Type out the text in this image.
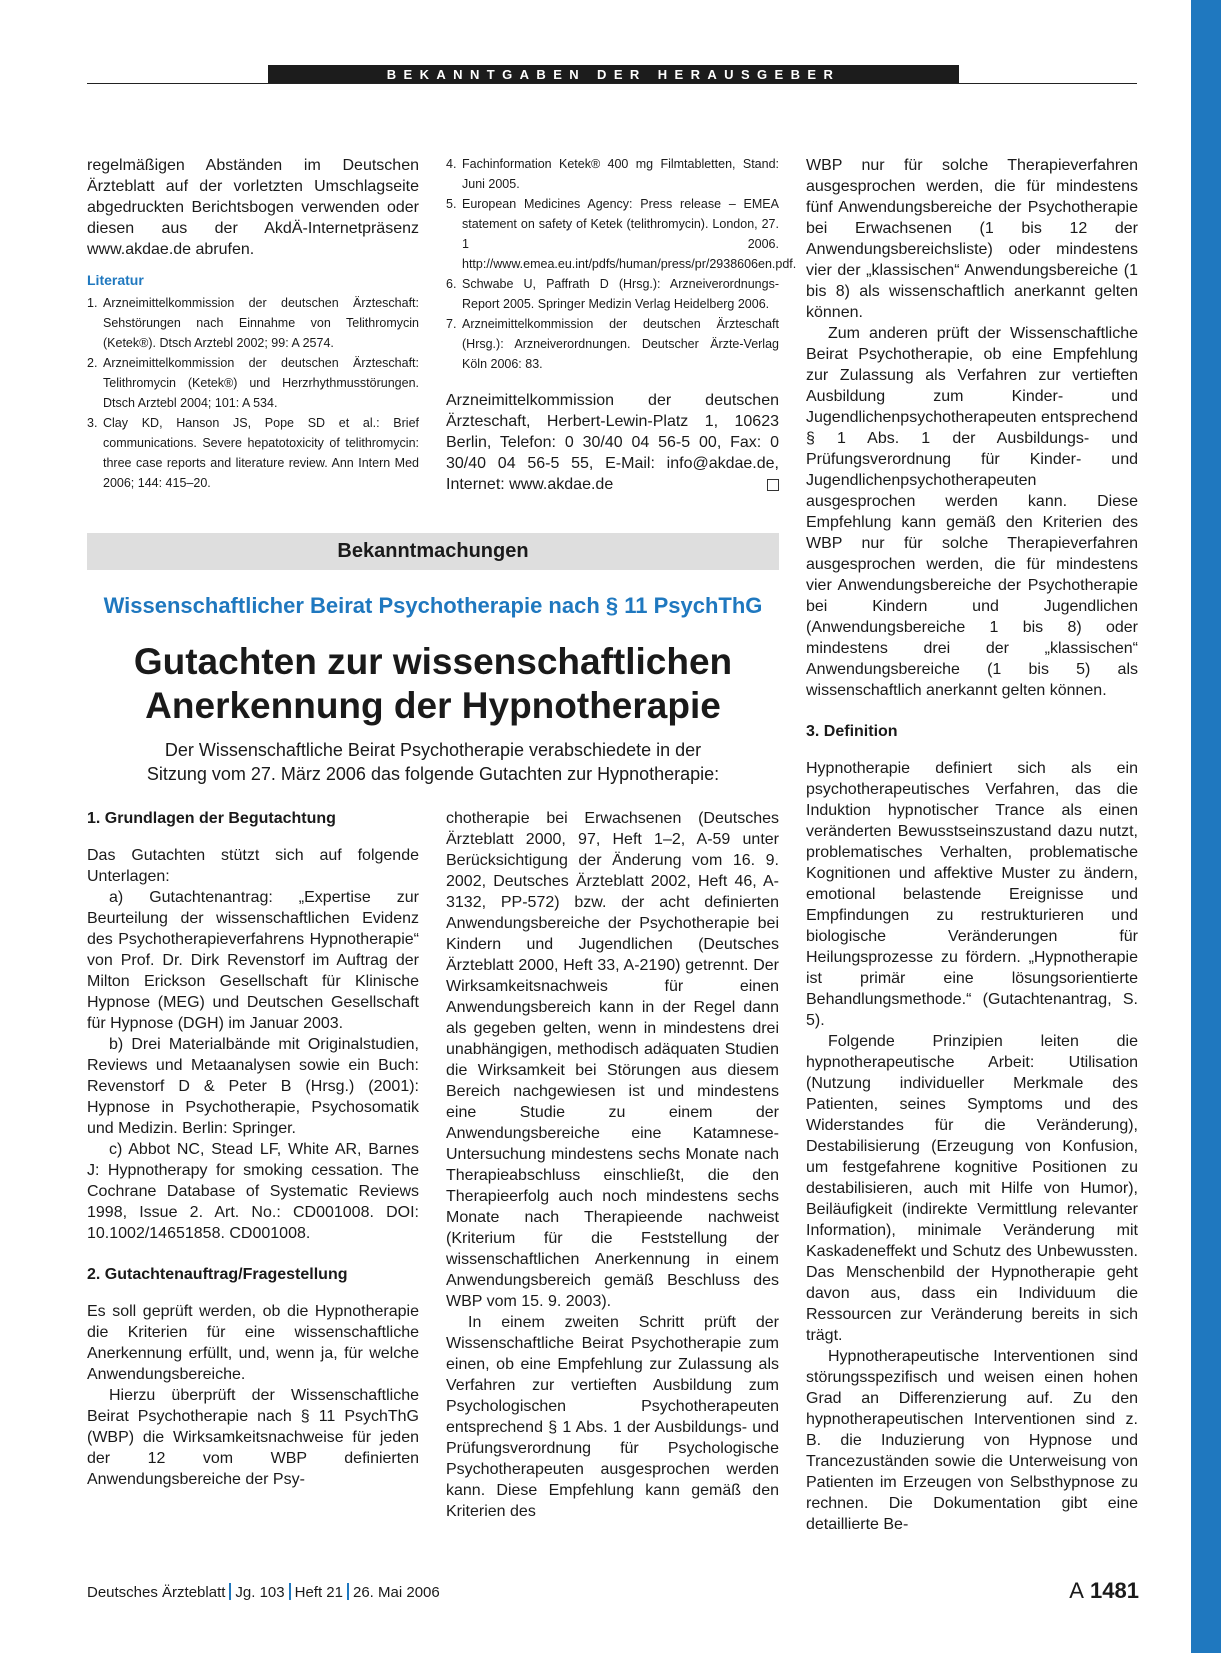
BEKANNTGABEN DER HERAUSGEBER

regelmäßigen Abständen im Deutschen Ärzteblatt auf der vorletzten Umschlagseite abgedruckten Berichtsbogen verwenden oder diesen aus der AkdÄ-Internetpräsenz www.akdae.de abrufen.

Literatur
1. Arzneimittelkommission der deutschen Ärzteschaft: Sehstörungen nach Einnahme von Telithromycin (Ketek®). Dtsch Arztebl 2002; 99: A 2574.
2. Arzneimittelkommission der deutschen Ärzteschaft: Telithromycin (Ketek®) und Herzrhythmusstörungen. Dtsch Arztebl 2004; 101: A 534.
3. Clay KD, Hanson JS, Pope SD et al.: Brief communications. Severe hepatotoxicity of telithromycin: three case reports and literature review. Ann Intern Med 2006; 144: 415–20.
4. Fachinformation Ketek® 400 mg Filmtabletten, Stand: Juni 2005.
5. European Medicines Agency: Press release – EMEA statement on safety of Ketek (telithromycin). London, 27. 1 2006. http://www.emea.eu.int/pdfs/human/press/pr/2938606en.pdf.
6. Schwabe U, Paffrath D (Hrsg.): Arzneiverordnungs-Report 2005. Springer Medizin Verlag Heidelberg 2006.
7. Arzneimittelkommission der deutschen Ärzteschaft (Hrsg.): Arzneiverordnungen. Deutscher Ärzte-Verlag Köln 2006: 83.

Arzneimittelkommission der deutschen Ärzteschaft, Herbert-Lewin-Platz 1, 10623 Berlin, Telefon: 0 30/40 04 56-5 00, Fax: 0 30/40 04 56-5 55, E-Mail: info@akdae.de, Internet: www.akdae.de

Bekanntmachungen
Wissenschaftlicher Beirat Psychotherapie nach § 11 PsychThG
Gutachten zur wissenschaftlichen
Anerkennung der Hypnotherapie
Der Wissenschaftliche Beirat Psychotherapie verabschiedete in der Sitzung vom 27. März 2006 das folgende Gutachten zur Hypnotherapie:
1. Grundlagen der Begutachtung

Das Gutachten stützt sich auf folgende Unterlagen:

a) Gutachtenantrag: „Expertise zur Beurteilung der wissenschaftlichen Evidenz des Psychotherapieverfahrens Hypnotherapie“ von Prof. Dr. Dirk Revenstorf im Auftrag der Milton Erickson Gesellschaft für Klinische Hypnose (MEG) und Deutschen Gesellschaft für Hypnose (DGH) im Januar 2003.

b) Drei Materialbände mit Originalstudien, Reviews und Metaanalysen sowie ein Buch: Revenstorf D & Peter B (Hrsg.) (2001): Hypnose in Psychotherapie, Psychosomatik und Medizin. Berlin: Springer.

c) Abbot NC, Stead LF, White AR, Barnes J: Hypnotherapy for smoking cessation. The Cochrane Database of Systematic Reviews 1998, Issue 2. Art. No.: CD001008. DOI: 10.1002/14651858. CD001008.

2. Gutachtenauftrag/Fragestellung

Es soll geprüft werden, ob die Hypnotherapie die Kriterien für eine wissenschaftliche Anerkennung erfüllt, und, wenn ja, für welche Anwendungsbereiche.

Hierzu überprüft der Wissenschaftliche Beirat Psychotherapie nach § 11 PsychThG (WBP) die Wirksamkeitsnachweise für jeden der 12 vom WBP definierten Anwendungsbereiche der Psy-

chotherapie bei Erwachsenen (Deutsches Ärzteblatt 2000, 97, Heft 1–2, A-59 unter Berücksichtigung der Änderung vom 16. 9. 2002, Deutsches Ärzteblatt 2002, Heft 46, A-3132, PP-572) bzw. der acht definierten Anwendungsbereiche der Psychotherapie bei Kindern und Jugendlichen (Deutsches Ärzteblatt 2000, Heft 33, A-2190) getrennt. Der Wirksamkeitsnachweis für einen Anwendungsbereich kann in der Regel dann als gegeben gelten, wenn in mindestens drei unabhängigen, methodisch adäquaten Studien die Wirksamkeit bei Störungen aus diesem Bereich nachgewiesen ist und mindestens eine Studie zu einem der Anwendungsbereiche eine Katamnese-Untersuchung mindestens sechs Monate nach Therapieabschluss einschließt, die den Therapieerfolg auch noch mindestens sechs Monate nach Therapieende nachweist (Kriterium für die Feststellung der wissenschaftlichen Anerkennung in einem Anwendungsbereich gemäß Beschluss des WBP vom 15. 9. 2003).

In einem zweiten Schritt prüft der Wissenschaftliche Beirat Psychotherapie zum einen, ob eine Empfehlung zur Zulassung als Verfahren zur vertieften Ausbildung zum Psychologischen Psychotherapeuten entsprechend § 1 Abs. 1 der Ausbildungs- und Prüfungsverordnung für Psychologische Psychotherapeuten ausgesprochen werden kann. Diese Empfehlung kann gemäß den Kriterien des

WBP nur für solche Therapieverfahren ausgesprochen werden, die für mindestens fünf Anwendungsbereiche der Psychotherapie bei Erwachsenen (1 bis 12 der Anwendungsbereichsliste) oder mindestens vier der „klassischen“ Anwendungsbereiche (1 bis 8) als wissenschaftlich anerkannt gelten können.

Zum anderen prüft der Wissenschaftliche Beirat Psychotherapie, ob eine Empfehlung zur Zulassung als Verfahren zur vertieften Ausbildung zum Kinder- und Jugendlichenpsychotherapeuten entsprechend § 1 Abs. 1 der Ausbildungs- und Prüfungsverordnung für Kinder- und Jugendlichenpsychotherapeuten ausgesprochen werden kann. Diese Empfehlung kann gemäß den Kriterien des WBP nur für solche Therapieverfahren ausgesprochen werden, die für mindestens vier Anwendungsbereiche der Psychotherapie bei Kindern und Jugendlichen (Anwendungsbereiche 1 bis 8) oder mindestens drei der „klassischen“ Anwendungsbereiche (1 bis 5) als wissenschaftlich anerkannt gelten können.

3. Definition

Hypnotherapie definiert sich als ein psychotherapeutisches Verfahren, das die Induktion hypnotischer Trance als einen veränderten Bewusstseinszustand dazu nutzt, problematisches Verhalten, problematische Kognitionen und affektive Muster zu ändern, emotional belastende Ereignisse und Empfindungen zu restrukturieren und biologische Veränderungen für Heilungsprozesse zu fördern. „Hypnotherapie ist primär eine lösungsorientierte Behandlungsmethode.“ (Gutachtenantrag, S. 5).

Folgende Prinzipien leiten die hypnotherapeutische Arbeit: Utilisation (Nutzung individueller Merkmale des Patienten, seines Symptoms und des Widerstandes für die Veränderung), Destabilisierung (Erzeugung von Konfusion, um festgefahrene kognitive Positionen zu destabilisieren, auch mit Hilfe von Humor), Beiläufigkeit (indirekte Vermittlung relevanter Information), minimale Veränderung mit Kaskadeneffekt und Schutz des Unbewussten. Das Menschenbild der Hypnotherapie geht davon aus, dass ein Individuum die Ressourcen zur Veränderung bereits in sich trägt.

Hypnotherapeutische Interventionen sind störungsspezifisch und weisen einen hohen Grad an Differenzierung auf. Zu den hypnotherapeutischen Interventionen sind z. B. die Induzierung von Hypnose und Trancezuständen sowie die Unterweisung von Patienten im Erzeugen von Selbsthypnose zu rechnen. Die Dokumentation gibt eine detaillierte Be-

Deutsches Ärzteblatt Jg. 103 Heft 21 26. Mai 2006	A 1481
